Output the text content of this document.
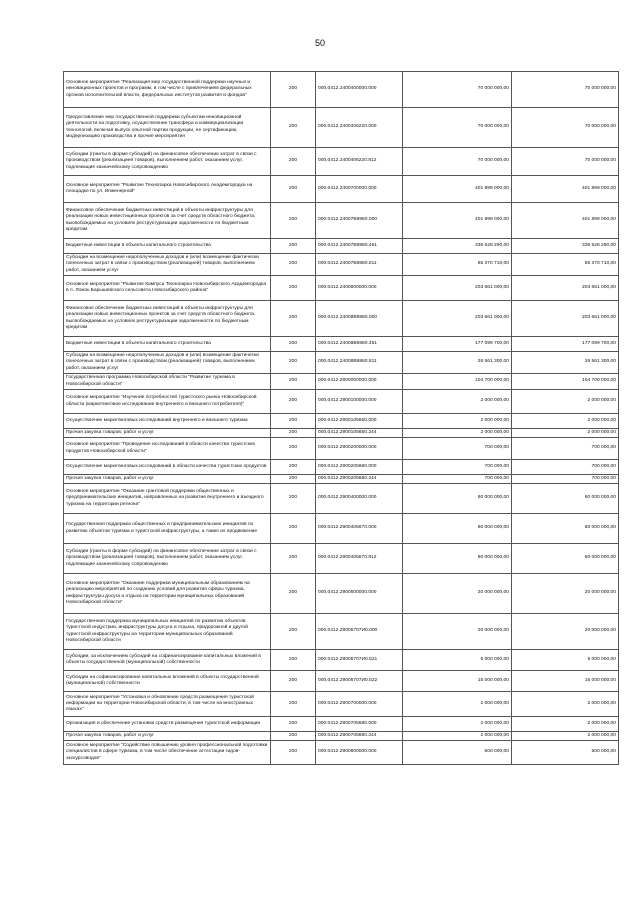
50
Основное мероприятие "Реализация мер государственной поддержки научных и инновационных проектов и программ, в том числе с привлечением федеральных органов исполнительной власти, федеральных институтов развития и фондов"	200	000.0412.2400400000.000	70 000 000,00	70 000 000,00
Предоставление мер государственной поддержки субъектам инновационной деятельности на подготовку, осуществление трансфера и коммерциализации технологий, включая выпуск опытной партии продукции, ее сертификацию, модернизацию производства и прочие мероприятия	200	000.0412.2400406220.000	70 000 000,00	70 000 000,00
Субсидии (гранты в форме субсидий) на финансовое обеспечение затрат в связи с производством (реализацией товаров), выполнением работ, оказанием услуг, подлежащие казначейскому сопровождению	200	000.0412.2400406220.812	70 000 000,00	70 000 000,00
Основное мероприятие "Развитие Технопарка Новосибирского Академгородка на площадке по ул. Инженерной"	200	000.0412.2400700000.000	401 899 000,00	401 899 000,00
Финансовое обеспечение бюджетных инвестиций в объекты инфраструктуры для реализации новых инвестиционных проектов за счет средств областного бюджета, высвобождаемых на условиях реструктуризации задолженности по бюджетным кредитам	200	000.0412.24007В9860.000	401 899 000,00	401 899 000,00
Бюджетные инвестиции в объекты капитального строительства	200	000.0412.24007В9860.451	336 528 290,00	336 528 290,00
Субсидии на возмещение недополученных доходов и (или) возмещение фактически понесенных затрат в связи с производством (реализацией) товаров, выполнением работ, оказанием услуг	200	000.0412.24007В9860.811	65 370 710,00	65 370 710,00
Основное мероприятие "Развитие Кампуса Технопарка Новосибирского Академгородка в п. Ложок Барышевского сельсовета Новосибирского района"	200	000.0412.2400800000.000	203 661 000,00	203 661 000,00
Финансовое обеспечение бюджетных инвестиций в объекты инфраструктуры для реализации новых инвестиционных проектов за счет средств областного бюджета, высвобождаемых на условиях реструктуризации задолженности по бюджетным кредитам	200	000.0412.24008В9860.000	203 661 000,00	203 661 000,00
Бюджетные инвестиции в объекты капитального строительства	200	000.0412.24008В9860.451	177 099 700,00	177 099 700,00
Субсидии на возмещение недополученных доходов и (или) возмещение фактически понесенных затрат в связи с производством (реализацией) товаров, выполнением работ, оказанием услуг	200	000.0412.24008В9860.811	26 561 300,00	26 561 300,00
Государственная программа Новосибирской области "Развитие туризма в Новосибирской области"	200	000.0412.2900000000.000	104 700 000,00	104 700 000,00
Основное мероприятие "Изучение потребностей туристского рынка Новосибирской области (маркетинговое исследование внутреннего и внешнего потребителя)"	200	000.0412.2900100000.000	2 000 000,00	2 000 000,00
Осуществление маркетинговых исследований внутреннего и внешнего туризма	200	000.0412.2900105650.000	2 000 000,00	2 000 000,00
Прочая закупка товаров, работ и услуг	200	000.0412.2900105650.244	2 000 000,00	2 000 000,00
Основное мероприятие "Проведение исследований в области качества туристских продуктов Новосибирской области"	200	000.0412.2900200000.000	700 000,00	700 000,00
Осуществление маркетинговых исследований в области качества туристских продуктов	200	000.0412.2900205660.000	700 000,00	700 000,00
Прочая закупка товаров, работ и услуг	200	000.0412.2900205660.244	700 000,00	700 000,00
Основное мероприятие "Оказание грантовой поддержки общественных и предпринимательских инициатив, направленных на развитие внутреннего и въездного туризма на территории региона"	200	000.0412.2900400000.000	60 000 000,00	60 000 000,00
Государственная поддержка общественных и предпринимательских инициатив по развитию объектов туризма и туристской инфраструктуры, а также их продвижение	200	000.0412.2900405670.000	60 000 000,00	60 000 000,00
Субсидии (гранты в форме субсидий) на финансовое обеспечение затрат в связи с производством (реализацией товаров), выполнением работ, оказанием услуг, подлежащие казначейскому сопровождению	200	000.0412.2900405670.812	60 000 000,00	60 000 000,00
Основное мероприятие "Оказание поддержки муниципальным образованиям на реализацию мероприятий по созданию условий для развития сферы туризма, инфраструктуры досуга и отдыха на территории муниципальных образований Новосибирской области"	200	000.0412.2900500000.000	20 000 000,00	20 000 000,00
Государственная поддержка муниципальных инициатив по развитию объектов туристской индустрии, инфраструктуры досуга и отдыха, придорожной и другой туристской инфраструктуры на территории муниципальных образований Новосибирской области	200	000.0412.29005707И0.000	20 000 000,00	20 000 000,00
Субсидии, за исключением субсидий на софинансирование капитальных вложений в объекты государственной (муниципальной) собственности	200	000.0412.29005707И0.521	5 000 000,00	5 000 000,00
Субсидии на софинансирование капитальных вложений в объекты государственной (муниципальной) собственности	200	000.0412.29005707И0.522	15 000 000,00	15 000 000,00
Основное мероприятие "Установка и обновление средств размещения туристской информации на территории Новосибирской области, в том числе на иностранных языках"	200	000.0412.2900700000.000	2 000 000,00	2 000 000,00
Организация и обеспечение установки средств размещения туристской информации	200	000.0412.2900705680.000	2 000 000,00	2 000 000,00
Прочая закупка товаров, работ и услуг	200	000.0412.2900705680.244	2 000 000,00	2 000 000,00
Основное мероприятие "Содействие повышению уровня профессиональной подготовки специалистов в сфере туризма, в том числе обеспечение аттестации гидов-экскурсоводов"	200	000.0412.2900800000.000	500 000,00	500 000,00
